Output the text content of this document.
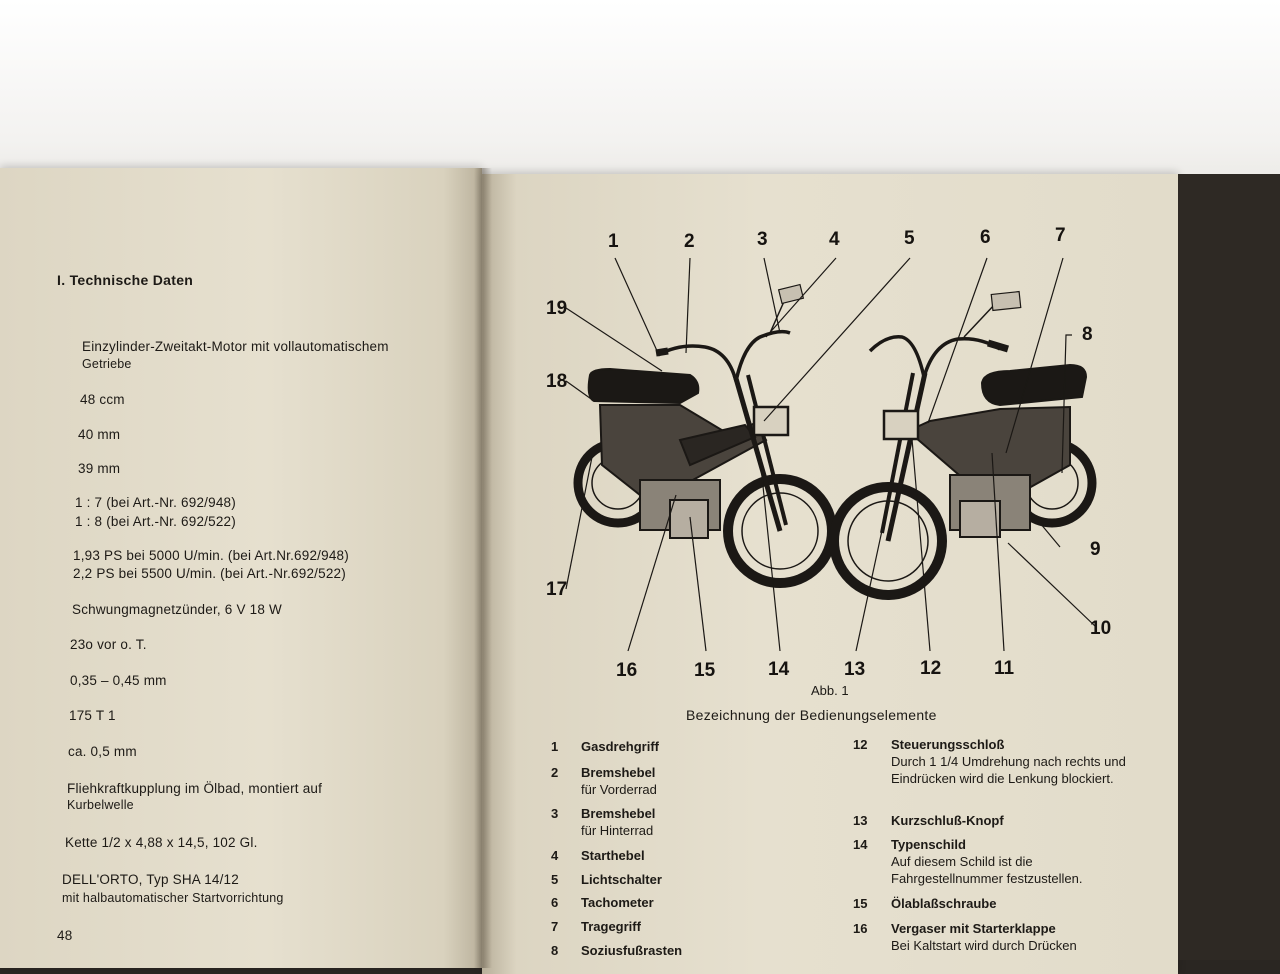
I. Technische Daten
Einzylinder-Zweitakt-Motor mit vollautomatischem
Getriebe
48 ccm
40 mm
39 mm
1 : 7 (bei Art.-Nr. 692/948)
1 : 8 (bei Art.-Nr. 692/522)
1,93 PS bei 5000 U/min. (bei Art.Nr.692/948)
2,2 PS bei 5500 U/min. (bei Art.-Nr.692/522)
Schwungmagnetzünder, 6 V 18 W
23o vor o. T.
0,35 – 0,45 mm
175 T 1
ca. 0,5 mm
Fliehkraftkupplung im Ölbad, montiert auf
Kurbelwelle
Kette 1/2 x 4,88 x 14,5, 102 Gl.
DELL'ORTO, Typ SHA 14/12
mit halbautomatischer Startvorrichtung
48
1	2	3	4	5	6	7
8
9
10
11
12
13
14
15
16
17
18
19
Abb. 1
Bezeichnung der Bedienungselemente
1 Gasdrehgriff
2 Bremshebel
für Vorderrad
3 Bremshebel
für Hinterrad
4 Starthebel
5 Lichtschalter
6 Tachometer
7 Tragegriff
8 Soziusfußrasten
12 Steuerungsschloß
Durch 1 1/4 Umdrehung nach rechts und Eindrücken wird die Lenkung blockiert.
13 Kurzschluß-Knopf
14 Typenschild
Auf diesem Schild ist die Fahrgestellnummer festzustellen.
15 Ölablaßschraube
16 Vergaser mit Starterklappe
Bei Kaltstart wird durch Drücken
